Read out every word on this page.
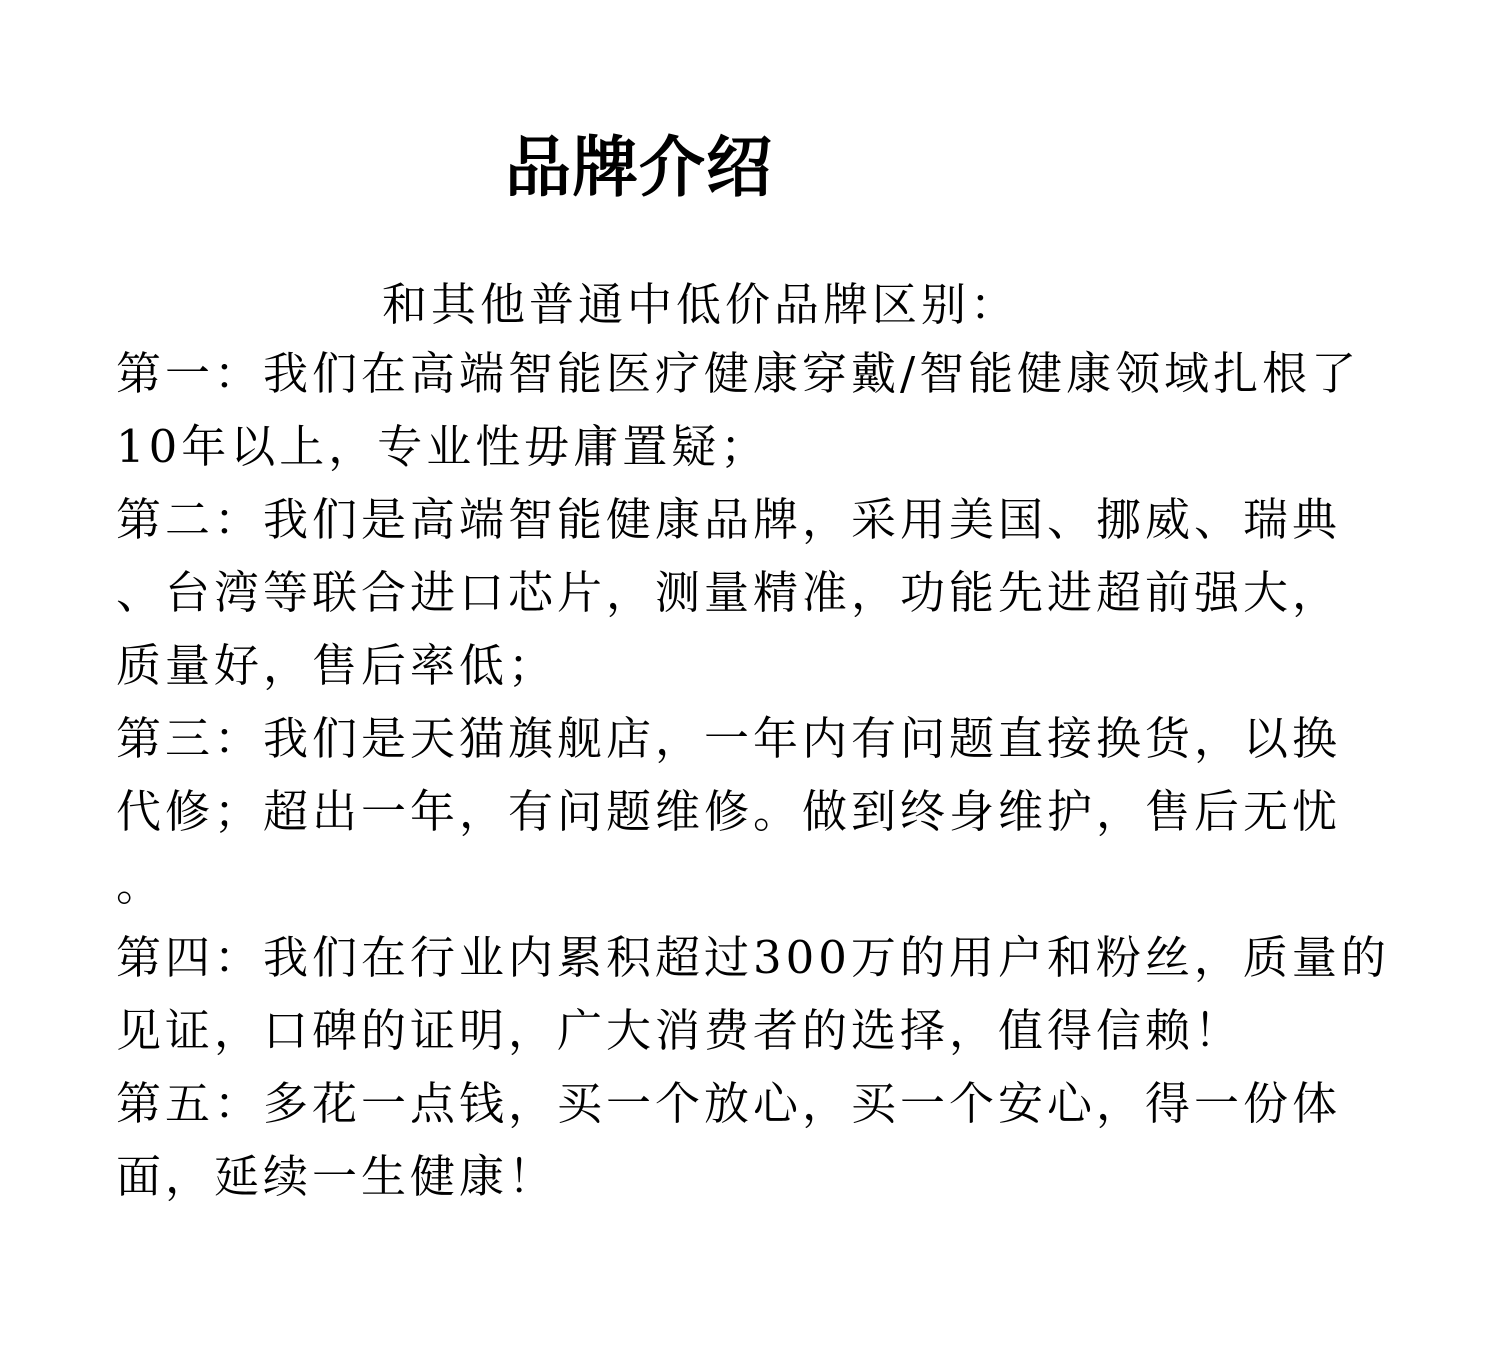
品牌介绍
和其他普通中低价品牌区别：
第一：我们在高端智能医疗健康穿戴/智能健康领域扎根了
10年以上，专业性毋庸置疑；
第二：我们是高端智能健康品牌，采用美国、挪威、瑞典
、台湾等联合进口芯片，测量精准，功能先进超前强大，
质量好，售后率低；
第三：我们是天猫旗舰店，一年内有问题直接换货，以换
代修；超出一年，有问题维修。做到终身维护，售后无忧
。
第四：我们在行业内累积超过300万的用户和粉丝，质量的
见证，口碑的证明，广大消费者的选择，值得信赖！
第五：多花一点钱，买一个放心，买一个安心，得一份体
面，延续一生健康！
